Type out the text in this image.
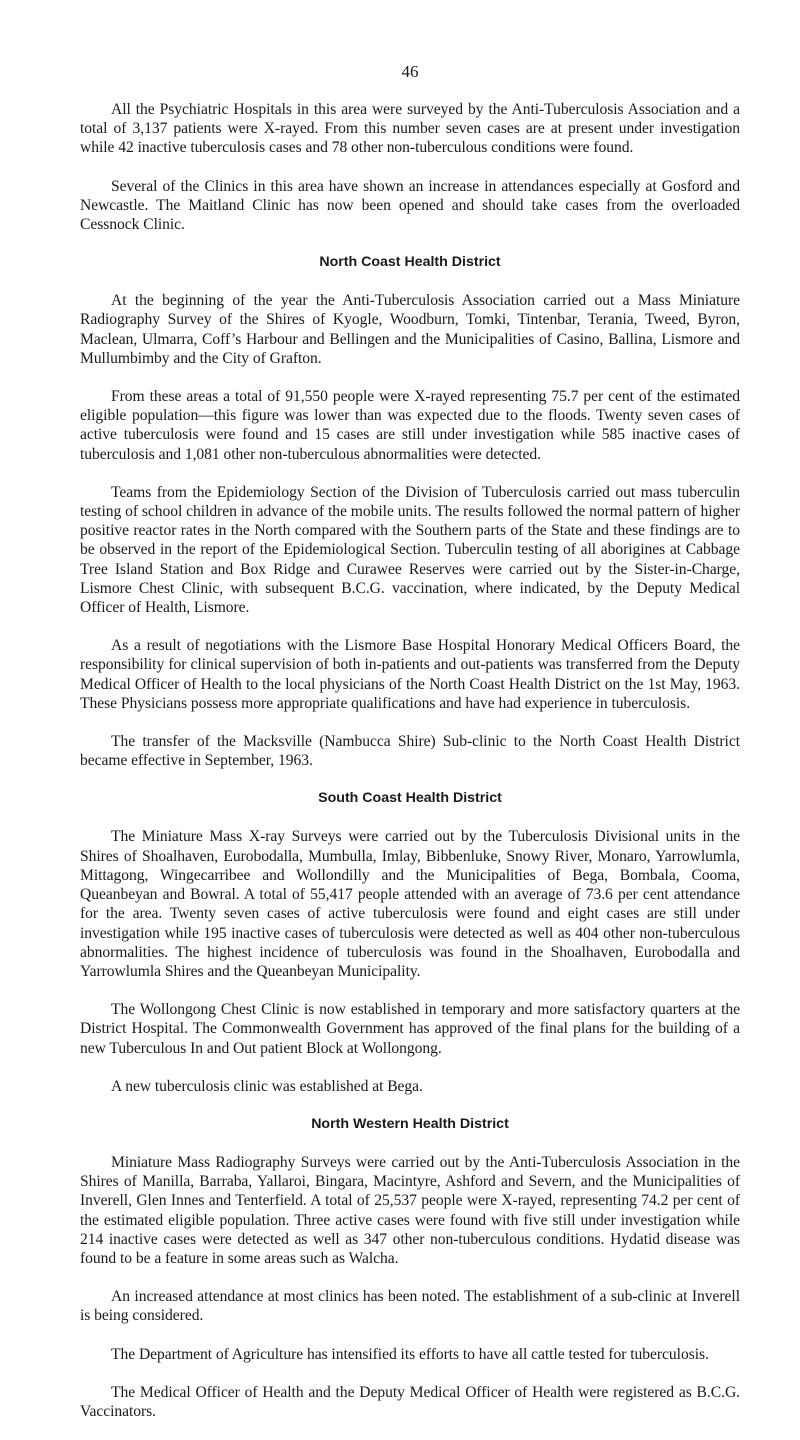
46

All the Psychiatric Hospitals in this area were surveyed by the Anti-Tuberculosis Association and a total of 3,137 patients were X-rayed. From this number seven cases are at present under investigation while 42 inactive tuberculosis cases and 78 other non-tuberculous conditions were found.

Several of the Clinics in this area have shown an increase in attendances especially at Gosford and Newcastle. The Maitland Clinic has now been opened and should take cases from the overloaded Cessnock Clinic.

North Coast Health District

At the beginning of the year the Anti-Tuberculosis Association carried out a Mass Miniature Radiography Survey of the Shires of Kyogle, Woodburn, Tomki, Tintenbar, Terania, Tweed, Byron, Maclean, Ulmarra, Coff’s Harbour and Bellingen and the Municipalities of Casino, Ballina, Lismore and Mullumbimby and the City of Grafton.

From these areas a total of 91,550 people were X-rayed representing 75.7 per cent of the estimated eligible population—this figure was lower than was expected due to the floods. Twenty seven cases of active tuberculosis were found and 15 cases are still under investigation while 585 inactive cases of tuberculosis and 1,081 other non-tuberculous abnormalities were detected.

Teams from the Epidemiology Section of the Division of Tuberculosis carried out mass tuberculin testing of school children in advance of the mobile units. The results followed the normal pattern of higher positive reactor rates in the North compared with the Southern parts of the State and these findings are to be observed in the report of the Epidemiological Section. Tuberculin testing of all aborigines at Cabbage Tree Island Station and Box Ridge and Curawee Reserves were carried out by the Sister-in-Charge, Lismore Chest Clinic, with subsequent B.C.G. vaccination, where indicated, by the Deputy Medical Officer of Health, Lismore.

As a result of negotiations with the Lismore Base Hospital Honorary Medical Officers Board, the responsibility for clinical supervision of both in-patients and out-patients was transferred from the Deputy Medical Officer of Health to the local physicians of the North Coast Health District on the 1st May, 1963. These Physicians possess more appropriate qualifications and have had experience in tuberculosis.

The transfer of the Macksville (Nambucca Shire) Sub-clinic to the North Coast Health District became effective in September, 1963.

South Coast Health District

The Miniature Mass X-ray Surveys were carried out by the Tuberculosis Divisional units in the Shires of Shoalhaven, Eurobodalla, Mumbulla, Imlay, Bibbenluke, Snowy River, Monaro, Yarrowlumla, Mittagong, Wingecarribee and Wollondilly and the Municipalities of Bega, Bombala, Cooma, Queanbeyan and Bowral. A total of 55,417 people attended with an average of 73.6 per cent attendance for the area. Twenty seven cases of active tuberculosis were found and eight cases are still under investigation while 195 inactive cases of tuberculosis were detected as well as 404 other non-tuberculous abnormalities. The highest incidence of tuberculosis was found in the Shoalhaven, Eurobodalla and Yarrowlumla Shires and the Queanbeyan Municipality.

The Wollongong Chest Clinic is now established in temporary and more satisfactory quarters at the District Hospital. The Commonwealth Government has approved of the final plans for the building of a new Tuberculous In and Out patient Block at Wollongong.

A new tuberculosis clinic was established at Bega.

North Western Health District

Miniature Mass Radiography Surveys were carried out by the Anti-Tuberculosis Association in the Shires of Manilla, Barraba, Yallaroi, Bingara, Macintyre, Ashford and Severn, and the Municipalities of Inverell, Glen Innes and Tenterfield. A total of 25,537 people were X-rayed, representing 74.2 per cent of the estimated eligible population. Three active cases were found with five still under investigation while 214 inactive cases were detected as well as 347 other non-tuberculous conditions. Hydatid disease was found to be a feature in some areas such as Walcha.

An increased attendance at most clinics has been noted. The establishment of a sub-clinic at Inverell is being considered.

The Department of Agriculture has intensified its efforts to have all cattle tested for tuberculosis.

The Medical Officer of Health and the Deputy Medical Officer of Health were registered as B.C.G. Vaccinators.
